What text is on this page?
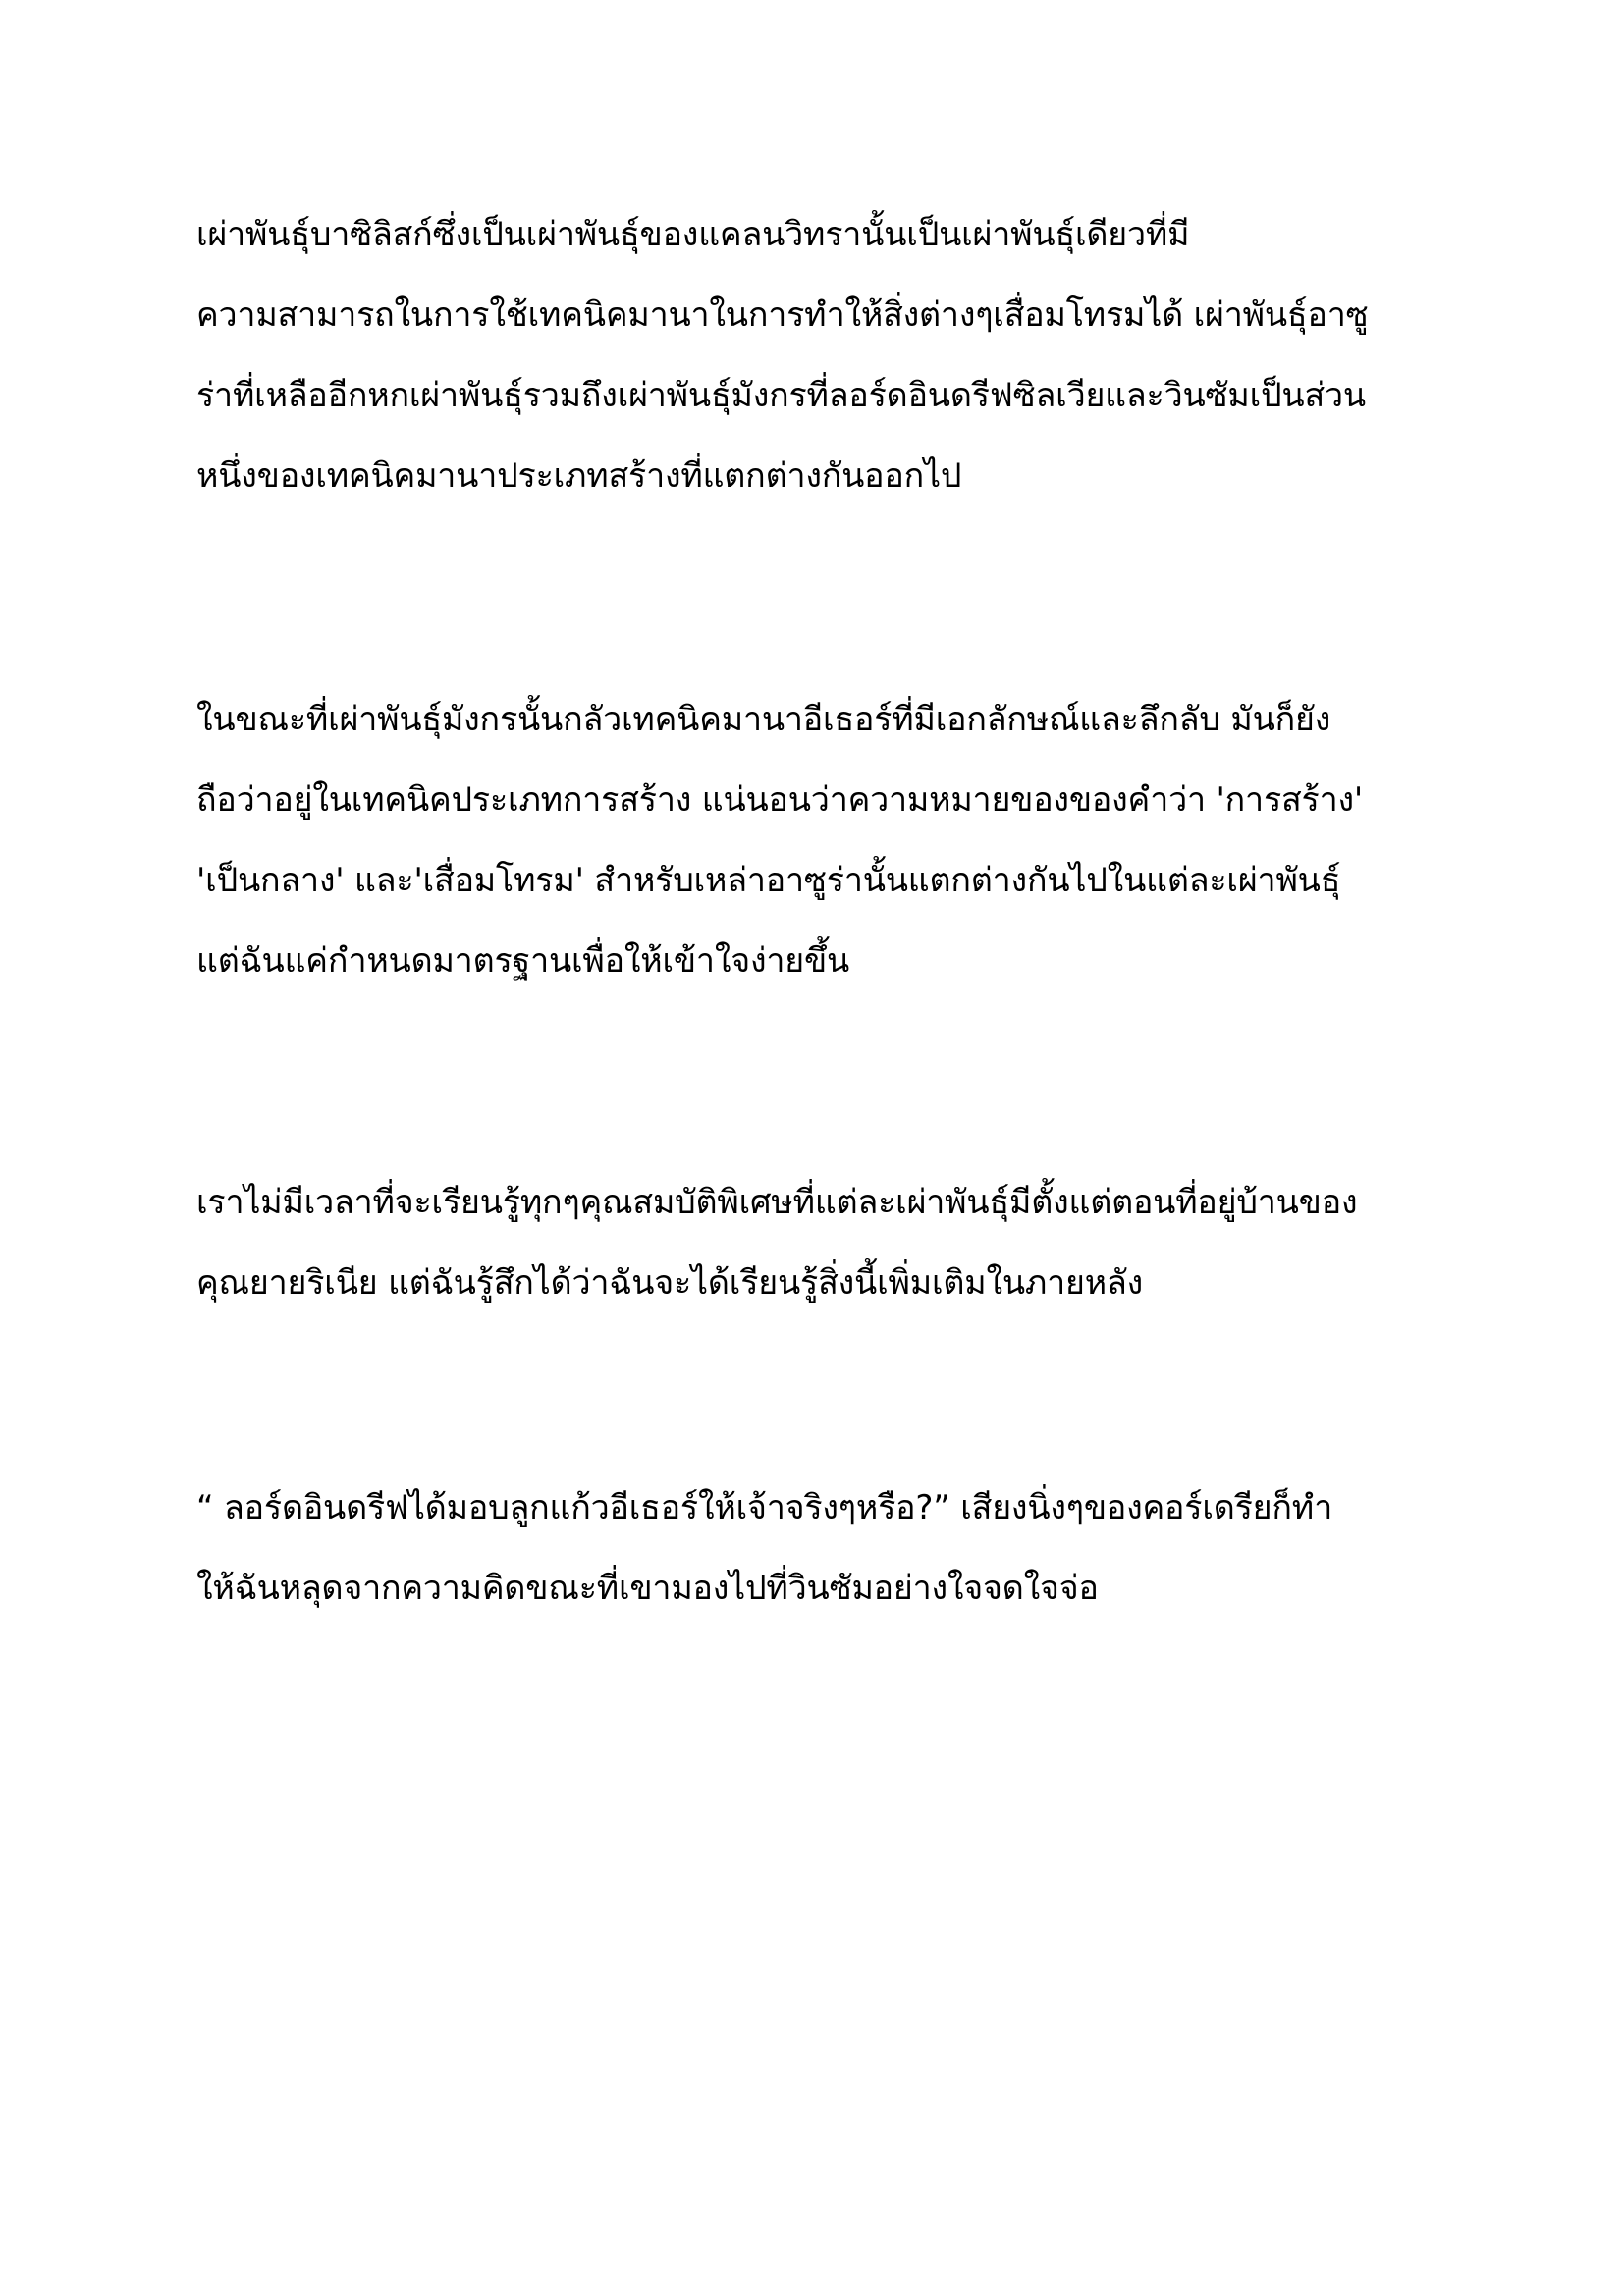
เผ่าพันธุ์บาซิลิสก์ซึ่งเป็นเผ่าพันธุ์ของแคลนวิทรานั้นเป็นเผ่าพันธุ์เดียวที่มี
ความสามารถในการใช้เทคนิคมานาในการทำให้สิ่งต่างๆเสื่อมโทรมได้ เผ่าพันธุ์อาซู
ร่าที่เหลืออีกหกเผ่าพันธุ์รวมถึงเผ่าพันธุ์มังกรที่ลอร์ดอินดรีฟซิลเวียและวินซัมเป็นส่วน
หนึ่งของเทคนิคมานาประเภทสร้างที่แตกต่างกันออกไป
ในขณะที่เผ่าพันธุ์มังกรนั้นกลัวเทคนิคมานาอีเธอร์ที่มีเอกลักษณ์และลึกลับ มันก็ยัง
ถือว่าอยู่ในเทคนิคประเภทการสร้าง แน่นอนว่าความหมายของของคำว่า 'การสร้าง'
'เป็นกลาง' และ'เสื่อมโทรม' สำหรับเหล่าอาซูร่านั้นแตกต่างกันไปในแต่ละเผ่าพันธุ์
แต่ฉันแค่กำหนดมาตรฐานเพื่อให้เข้าใจง่ายขึ้น
เราไม่มีเวลาที่จะเรียนรู้ทุกๆคุณสมบัติพิเศษที่แต่ละเผ่าพันธุ์มีตั้งแต่ตอนที่อยู่บ้านของ
คุณยายริเนีย แต่ฉันรู้สึกได้ว่าฉันจะได้เรียนรู้สิ่งนี้เพิ่มเติมในภายหลัง
“ ลอร์ดอินดรีฟได้มอบลูกแก้วอีเธอร์ให้เจ้าจริงๆหรือ?” เสียงนิ่งๆของคอร์เดรียก็ทำ
ให้ฉันหลุดจากความคิดขณะที่เขามองไปที่วินซัมอย่างใจจดใจจ่อ
